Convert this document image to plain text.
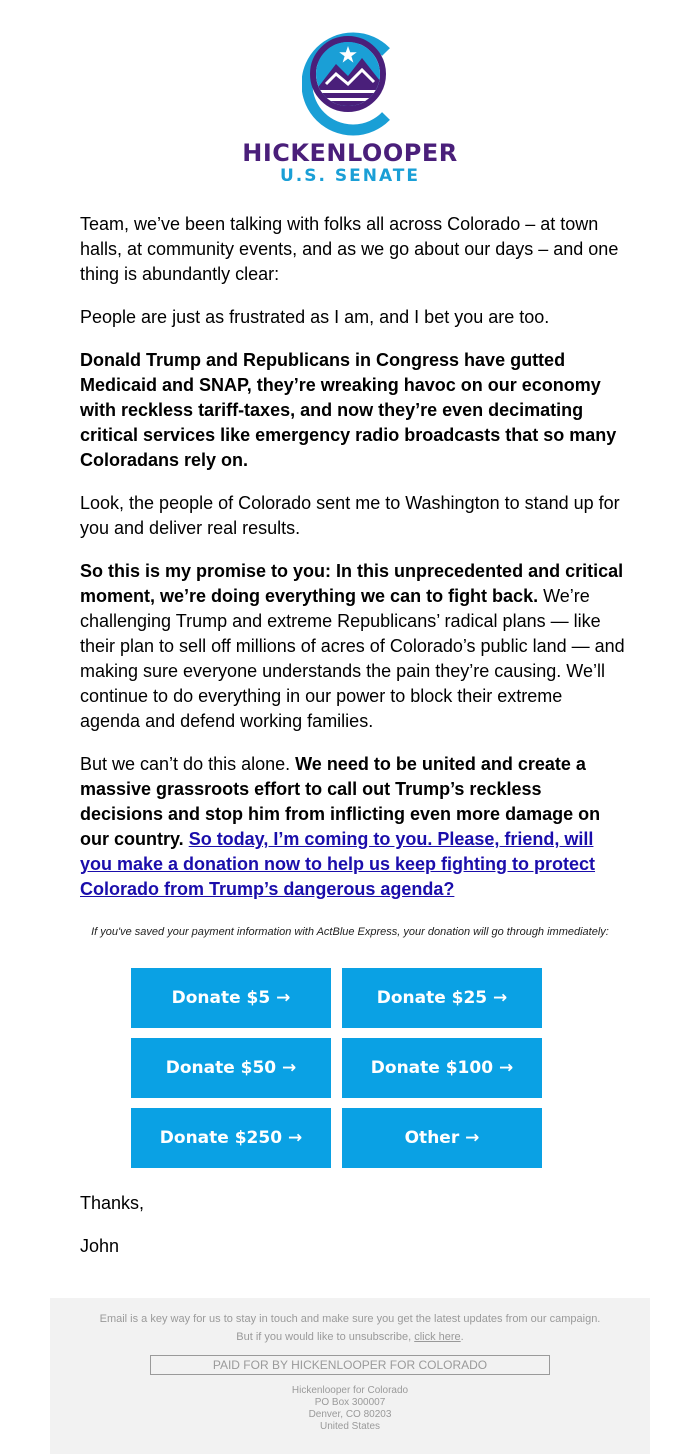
HICKENLOOPER
U.S. SENATE

Team, we’ve been talking with folks all across Colorado – at town halls, at community events, and as we go about our days – and one thing is abundantly clear:

People are just as frustrated as I am, and I bet you are too.

Donald Trump and Republicans in Congress have gutted Medicaid and SNAP, they’re wreaking havoc on our economy with reckless tariff-taxes, and now they’re even decimating critical services like emergency radio broadcasts that so many Coloradans rely on.

Look, the people of Colorado sent me to Washington to stand up for you and deliver real results.

So this is my promise to you: In this unprecedented and critical moment, we’re doing everything we can to fight back. We’re challenging Trump and extreme Republicans’ radical plans — like their plan to sell off millions of acres of Colorado’s public land — and making sure everyone understands the pain they’re causing. We’ll continue to do everything in our power to block their extreme agenda and defend working families.

But we can’t do this alone. We need to be united and create a massive grassroots effort to call out Trump’s reckless decisions and stop him from inflicting even more damage on our country. So today, I’m coming to you. Please, friend, will you make a donation now to help us keep fighting to protect Colorado from Trump’s dangerous agenda?

If you've saved your payment information with ActBlue Express, your donation will go through immediately:
Donate $5 →	Donate $25 →
Donate $50 →	Donate $100 →
Donate $250 →	Other →

Thanks,

John

Email is a key way for us to stay in touch and make sure you get the latest updates from our campaign.
But if you would like to unsubscribe, click here.
PAID FOR BY HICKENLOOPER FOR COLORADO
Hickenlooper for Colorado
PO Box 300007
Denver, CO 80203
United States
